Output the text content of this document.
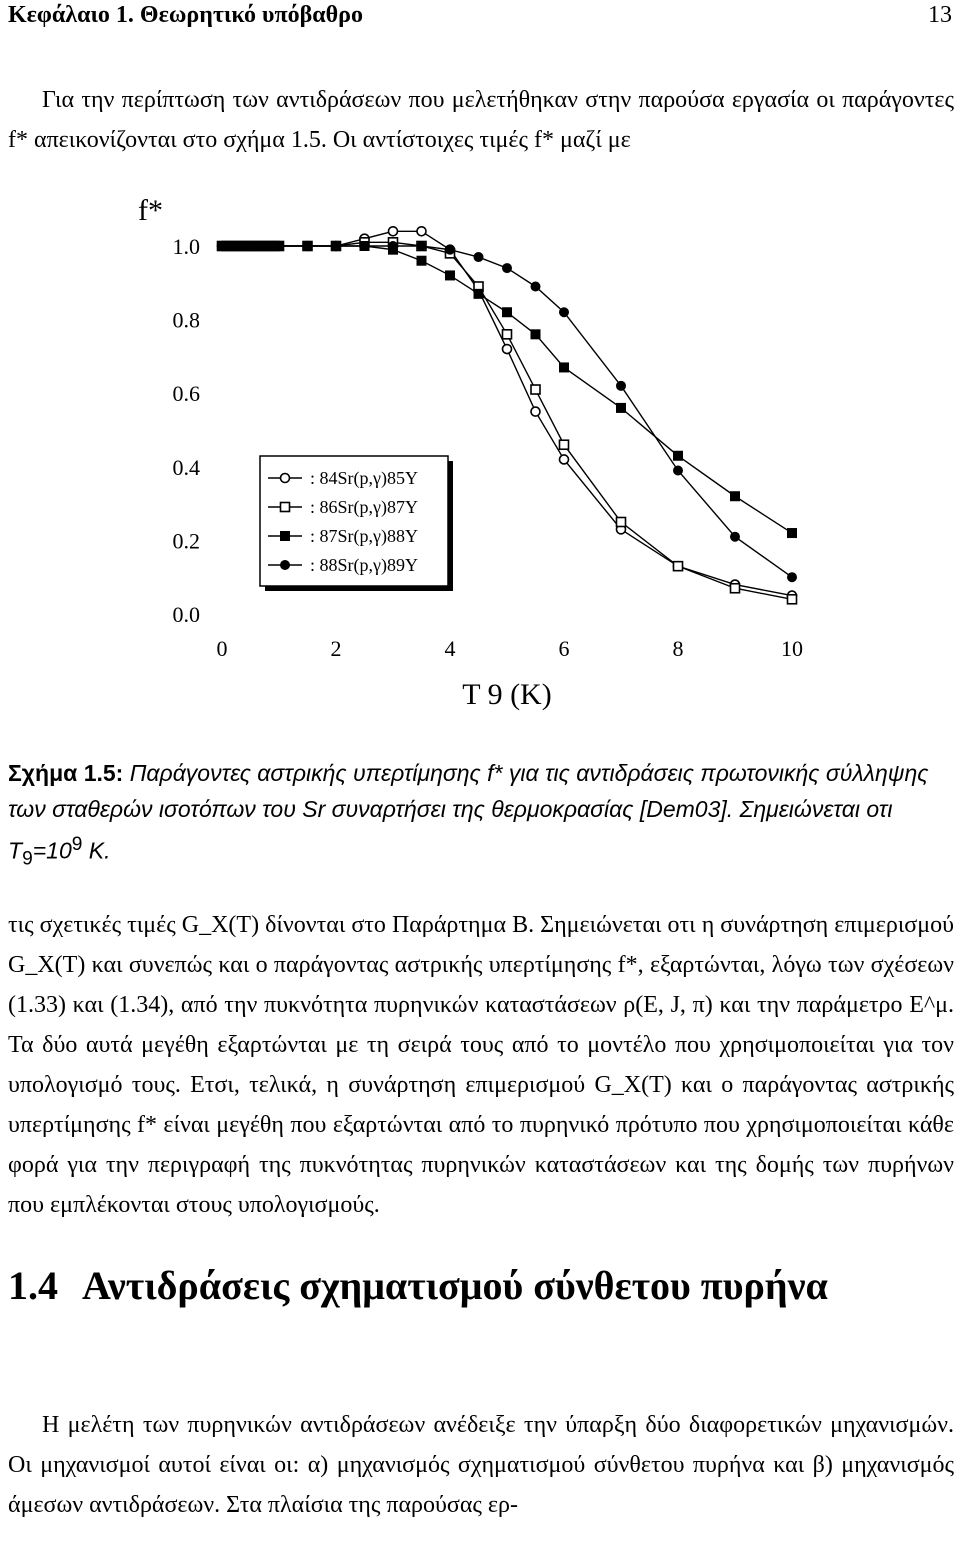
Κεφάλαιο 1. Θεωρητικό υπόβαθρο	13
Για την περίπτωση των αντιδράσεων που μελετήθηκαν στην παρούσα εργασία οι παράγοντες f* απεικονίζονται στο σχήμα 1.5. Οι αντίστοιχες τιμές f* μαζί με
f*
1.0
0.8
0.6
0.4
0.2
0.0
0	2	4	6	8	10
T 9 (K)
: 84Sr(p,γ)85Y
: 86Sr(p,γ)87Y
: 87Sr(p,γ)88Y
: 88Sr(p,γ)89Y
Σχήμα 1.5: Παράγοντες αστρικής υπερτίμησης f* για τις αντιδράσεις πρωτονικής σύλληψης των σταθερών ισοτόπων του Sr συναρτήσει της θερμοκρασίας [Dem03]. Σημειώνεται οτι $T_9=10^9$ K.
τις σχετικές τιμές G_X(T) δίνονται στο Παράρτημα Β. Σημειώνεται οτι η συνάρτηση επιμερισμού G_X(T) και συνεπώς και ο παράγοντας αστρικής υπερτίμησης f*, εξαρτώνται, λόγω των σχέσεων (1.33) και (1.34), από την πυκνότητα πυρηνικών καταστάσεων ρ(E, J, π) και την παράμετρο E^μ. Τα δύο αυτά μεγέθη εξαρτώνται με τη σειρά τους από το μοντέλο που χρησιμοποιείται για τον υπολογισμό τους. Ετσι, τελικά, η συνάρτηση επιμερισμού G_X(T) και ο παράγοντας αστρικής υπερτίμησης f* είναι μεγέθη που εξαρτώνται από το πυρηνικό πρότυπο που χρησιμοποιείται κάθε φορά για την περιγραφή της πυκνότητας πυρηνικών καταστάσεων και της δομής των πυρήνων που εμπλέκονται στους υπολογισμούς.
1.4 Αντιδράσεις σχηματισμού σύνθετου πυρήνα
Η μελέτη των πυρηνικών αντιδράσεων ανέδειξε την ύπαρξη δύο διαφορετικών μηχανισμών. Οι μηχανισμοί αυτοί είναι οι: α) μηχανισμός σχηματισμού σύνθετου πυρήνα και β) μηχανισμός άμεσων αντιδράσεων. Στα πλαίσια της παρούσας ερ-
